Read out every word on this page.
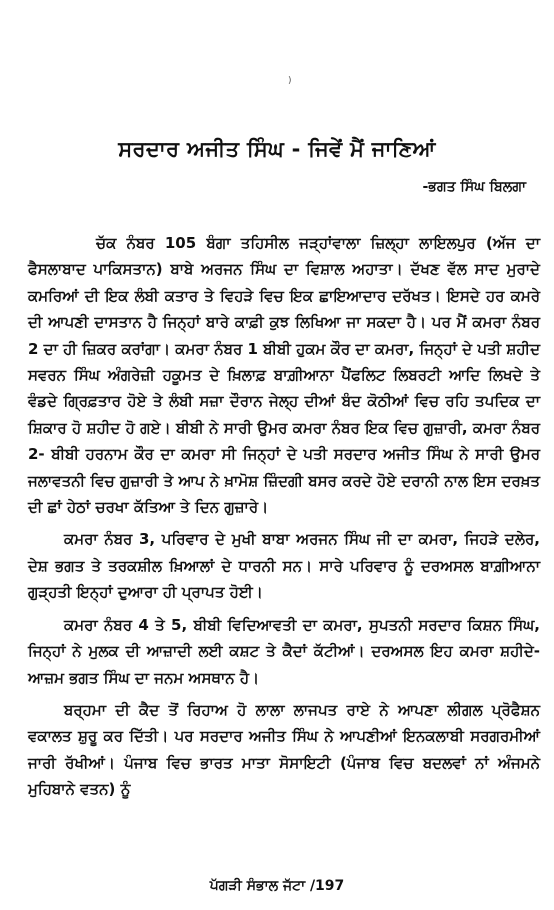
)
ਸਰਦਾਰ ਅਜੀਤ ਸਿੰਘ - ਜਿਵੇਂ ਮੈਂ ਜਾਣਿਆਂ
-ਭਗਤ ਸਿੰਘ ਬਿਲਗਾ

ਚੱਕ ਨੰਬਰ 105 ਬੰਗਾ ਤਹਿਸੀਲ ਜੜ੍ਹਾਂਵਾਲਾ ਜ਼ਿਲ੍ਹਾ ਲਾਇਲਪੁਰ (ਅੱਜ ਦਾ ਫੈਸਲਾਬਾਦ ਪਾਕਿਸਤਾਨ) ਬਾਬੇ ਅਰਜਨ ਸਿੰਘ ਦਾ ਵਿਸ਼ਾਲ ਅਹਾਤਾ। ਦੱਖਣ ਵੱਲ ਸਾਦ ਮੁਰਾਦੇ ਕਮਰਿਆਂ ਦੀ ਇਕ ਲੰਬੀ ਕਤਾਰ ਤੇ ਵਿਹੜੇ ਵਿਚ ਇਕ ਛਾਇਆਦਾਰ ਦਰੱਖਤ। ਇਸਦੇ ਹਰ ਕਮਰੇ ਦੀ ਆਪਣੀ ਦਾਸਤਾਨ ਹੈ ਜਿਨ੍ਹਾਂ ਬਾਰੇ ਕਾਫ਼ੀ ਕੁਝ ਲਿਖਿਆ ਜਾ ਸਕਦਾ ਹੈ। ਪਰ ਮੈਂ ਕਮਰਾ ਨੰਬਰ 2 ਦਾ ਹੀ ਜ਼ਿਕਰ ਕਰਾਂਗਾ। ਕਮਰਾ ਨੰਬਰ 1 ਬੀਬੀ ਹੁਕਮ ਕੌਰ ਦਾ ਕਮਰਾ, ਜਿਨ੍ਹਾਂ ਦੇ ਪਤੀ ਸ਼ਹੀਦ ਸਵਰਨ ਸਿੰਘ ਅੰਗਰੇਜ਼ੀ ਹਕੂਮਤ ਦੇ ਖ਼ਿਲਾਫ਼ ਬਾਗ਼ੀਆਨਾ ਪੈਂਫਲਿਟ ਲਿਬਰਟੀ ਆਦਿ ਲਿਖਦੇ ਤੇ ਵੰਡਦੇ ਗ੍ਰਿਫ਼ਤਾਰ ਹੋਏ ਤੇ ਲੰਬੀ ਸਜ਼ਾ ਦੌਰਾਨ ਜੇਲ੍ਹ ਦੀਆਂ ਬੰਦ ਕੋਠੀਆਂ ਵਿਚ ਰਹਿ ਤਪਦਿਕ ਦਾ ਸ਼ਿਕਾਰ ਹੋ ਸ਼ਹੀਦ ਹੋ ਗਏ। ਬੀਬੀ ਨੇ ਸਾਰੀ ਉਮਰ ਕਮਰਾ ਨੰਬਰ ਇਕ ਵਿਚ ਗੁਜ਼ਾਰੀ, ਕਮਰਾ ਨੰਬਰ 2- ਬੀਬੀ ਹਰਨਾਮ ਕੌਰ ਦਾ ਕਮਰਾ ਸੀ ਜਿਨ੍ਹਾਂ ਦੇ ਪਤੀ ਸਰਦਾਰ ਅਜੀਤ ਸਿੰਘ ਨੇ ਸਾਰੀ ਉਮਰ ਜਲਾਵਤਨੀ ਵਿਚ ਗੁਜ਼ਾਰੀ ਤੇ ਆਪ ਨੇ ਖ਼ਾਮੋਸ਼ ਜ਼ਿੰਦਗੀ ਬਸਰ ਕਰਦੇ ਹੋਏ ਦਰਾਨੀ ਨਾਲ ਇਸ ਦਰਖ਼ਤ ਦੀ ਛਾਂ ਹੇਠਾਂ ਚਰਖਾ ਕੱਤਿਆ ਤੇ ਦਿਨ ਗੁਜ਼ਾਰੇ।

ਕਮਰਾ ਨੰਬਰ 3, ਪਰਿਵਾਰ ਦੇ ਮੁਖੀ ਬਾਬਾ ਅਰਜਨ ਸਿੰਘ ਜੀ ਦਾ ਕਮਰਾ, ਜਿਹੜੇ ਦਲੇਰ, ਦੇਸ਼ ਭਗਤ ਤੇ ਤਰਕਸ਼ੀਲ ਖ਼ਿਆਲਾਂ ਦੇ ਧਾਰਨੀ ਸਨ। ਸਾਰੇ ਪਰਿਵਾਰ ਨੂੰ ਦਰਅਸਲ ਬਾਗ਼ੀਆਨਾ ਗੁੜ੍ਹਤੀ ਇਨ੍ਹਾਂ ਦੁਆਰਾ ਹੀ ਪ੍ਰਾਪਤ ਹੋਈ।

ਕਮਰਾ ਨੰਬਰ 4 ਤੇ 5, ਬੀਬੀ ਵਿਦਿਆਵਤੀ ਦਾ ਕਮਰਾ, ਸੁਪਤਨੀ ਸਰਦਾਰ ਕਿਸ਼ਨ ਸਿੰਘ, ਜਿਨ੍ਹਾਂ ਨੇ ਮੁਲਕ ਦੀ ਆਜ਼ਾਦੀ ਲਈ ਕਸ਼ਟ ਤੇ ਕੈਦਾਂ ਕੱਟੀਆਂ। ਦਰਅਸਲ ਇਹ ਕਮਰਾ ਸ਼ਹੀਦੇ-ਆਜ਼ਮ ਭਗਤ ਸਿੰਘ ਦਾ ਜਨਮ ਅਸਥਾਨ ਹੈ।

ਬਰ੍ਹਮਾ ਦੀ ਕੈਦ ਤੋਂ ਰਿਹਾਅ ਹੋ ਲਾਲਾ ਲਾਜਪਤ ਰਾਏ ਨੇ ਆਪਣਾ ਲੀਗਲ ਪ੍ਰੋਫੈਸ਼ਨ ਵਕਾਲਤ ਸ਼ੁਰੂ ਕਰ ਦਿੱਤੀ। ਪਰ ਸਰਦਾਰ ਅਜੀਤ ਸਿੰਘ ਨੇ ਆਪਣੀਆਂ ਇਨਕਲਾਬੀ ਸਰਗਰਮੀਆਂ ਜਾਰੀ ਰੱਖੀਆਂ। ਪੰਜਾਬ ਵਿਚ ਭਾਰਤ ਮਾਤਾ ਸੋਸਾਇਟੀ (ਪੰਜਾਬ ਵਿਚ ਬਦਲਵਾਂ ਨਾਂ ਅੰਜਮਨੇ ਮੁਹਿਬਾਨੇ ਵਤਨ) ਨੂੰ

ਪੱਗੜੀ ਸੰਭਾਲ ਜੱਟਾ /197
